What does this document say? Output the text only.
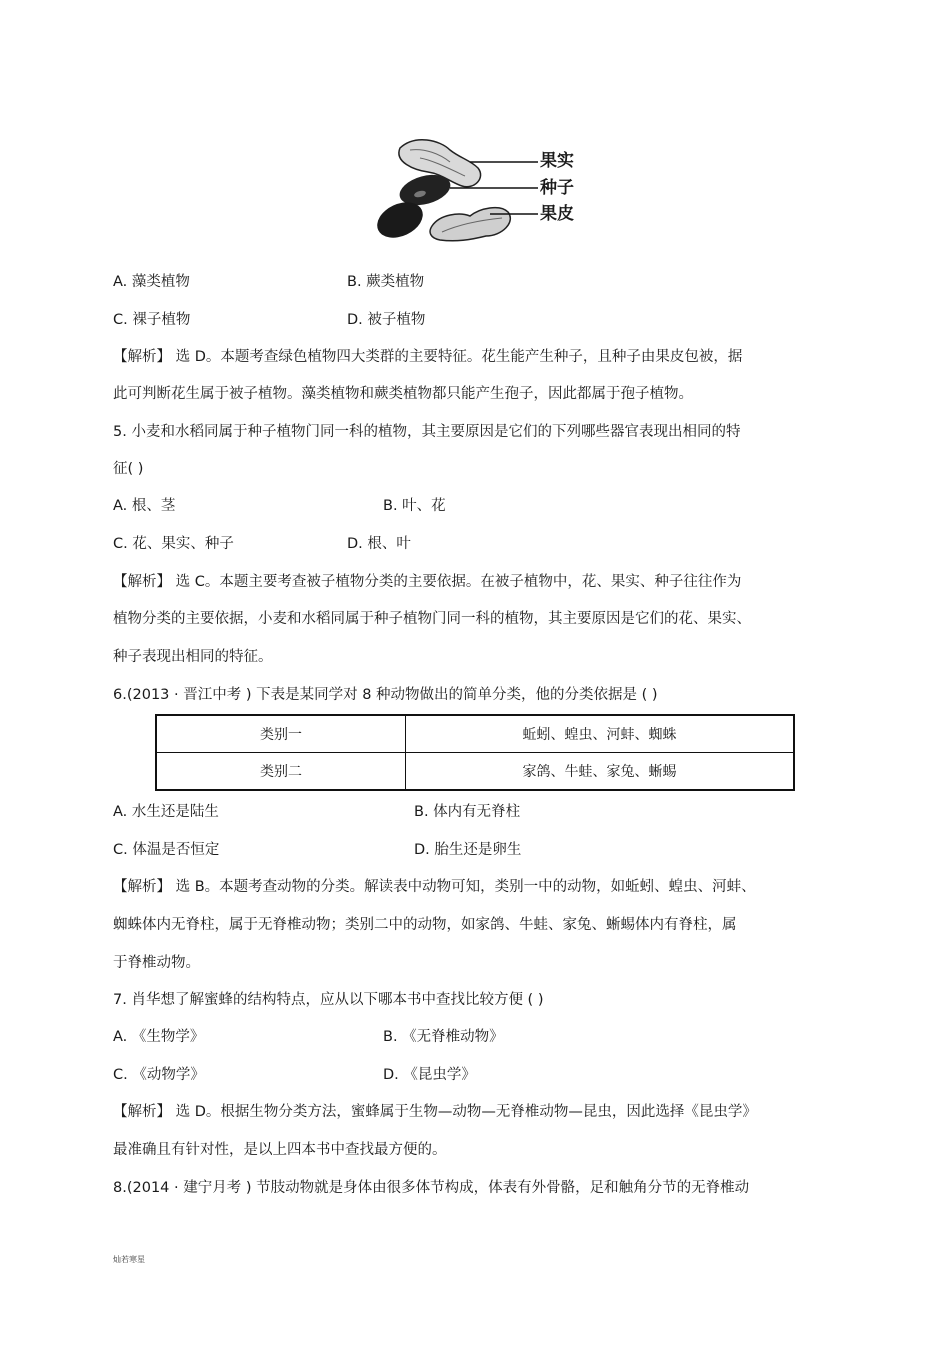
果实
种子
果皮
A. 藻类植物	B. 蕨类植物
C. 裸子植物	D. 被子植物
【解析】 选 D。本题考查绿色植物四大类群的主要特征。花生能产生种子，且种子由果皮包被，据
此可判断花生属于被子植物。藻类植物和蕨类植物都只能产生孢子，因此都属于孢子植物。
5. 小麦和水稻同属于种子植物门同一科的植物，其主要原因是它们的下列哪些器官表现出相同的特
征( )
A. 根、茎	B. 叶、花
C. 花、果实、种子	D. 根、叶
【解析】 选 C。本题主要考查被子植物分类的主要依据。在被子植物中，花、果实、种子往往作为
植物分类的主要依据，小麦和水稻同属于种子植物门同一科的植物，其主要原因是它们的花、果实、
种子表现出相同的特征。
6.(2013 · 晋江中考 ) 下表是某同学对 8 种动物做出的简单分类，他的分类依据是 ( )
类别一	蚯蚓、蝗虫、河蚌、蜘蛛
类别二	家鸽、牛蛙、家兔、蜥蜴
A. 水生还是陆生	B. 体内有无脊柱
C. 体温是否恒定	D. 胎生还是卵生
【解析】 选 B。本题考查动物的分类。解读表中动物可知，类别一中的动物，如蚯蚓、蝗虫、河蚌、
蜘蛛体内无脊柱，属于无脊椎动物；类别二中的动物，如家鸽、牛蛙、家兔、蜥蜴体内有脊柱，属
于脊椎动物。
7. 肖华想了解蜜蜂的结构特点，应从以下哪本书中查找比较方便 ( )
A. 《生物学》	B. 《无脊椎动物》
C. 《动物学》	D. 《昆虫学》
【解析】 选 D。根据生物分类方法，蜜蜂属于生物—动物—无脊椎动物—昆虫，因此选择《昆虫学》
最准确且有针对性，是以上四本书中查找最方便的。
8.(2014 · 建宁月考 ) 节肢动物就是身体由很多体节构成，体表有外骨骼，足和触角分节的无脊椎动
灿若寒星
